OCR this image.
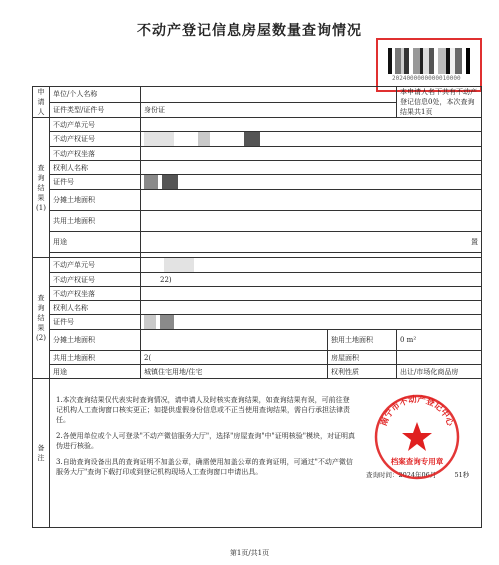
不动产登记信息房屋数量查询情况
2024000000000010000
申请人	单位/个人名称			本申请人名下共有不动产登记信息0处，本次查询结果共1页
	证件类型/证件号	身份证		
查询结果(1)	不动产单元号			
	不动产权证号			
	不动产权坐落			
	权利人名称			
	证件号			
	分摊土地面积			
	共用土地面积			
	用途	置		

查询结果(2)	不动产单元号			
	不动产权证号	22)		
	不动产权坐落			
	权利人名称			
	证件号			
	分摊土地面积		独用土地面积	0 m²
	共用土地面积	2(	房屋面积	
	用途	城镇住宅用地/住宅	权利性质	出让/市场化商品房
备注	1.本次查询结果仅代表实时查询情况，请申请人及时核实查询结果，如查询结果有误，可前往登记机构人工查询窗口核实更正；如提供虚假身份信息或不正当使用查询结果，需自行承担法律责任。

2.各使用单位或个人可登录"不动产微信服务大厅"，选择"房屋查询"中"证明核验"模块，对证明真伪进行核验。

3.自助查询设备出具的查询证明不加盖公章，确需使用加盖公章的查询证明，可通过"不动产微信服务大厅"查询下载打印或到登记机构现场人工查询窗口申请出具。				查询时间：2024年06月	51秒
南宁市不动产登记中心
档案查询专用章
第1页/共1页
